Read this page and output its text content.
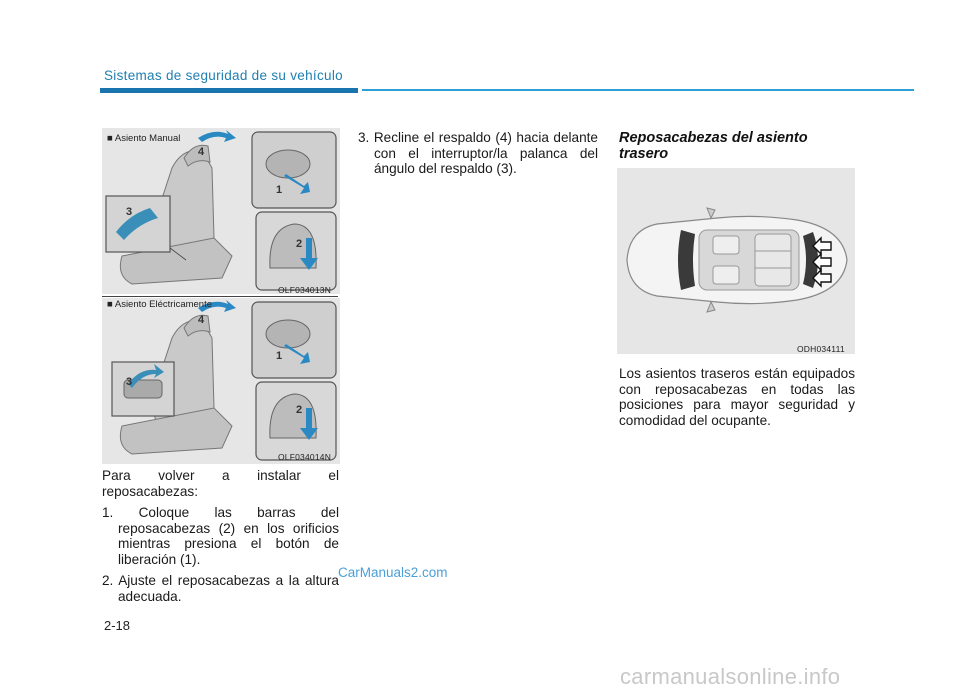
Sistemas de seguridad de su vehículo
■ Asiento Manual
4
1
3
2
OLF034013N
■ Asiento Eléctricamente
4
1
3
2
OLF034014N
Para volver a instalar el reposacabezas:
1. Coloque las barras del reposacabezas (2) en los orificios mientras presiona el botón de liberación (1).
2. Ajuste el reposacabezas a la altura adecuada.
3. Recline el respaldo (4) hacia delante con el interruptor/la palanca del ángulo del respaldo (3).
Reposacabezas del asiento trasero
ODH034111
Los asientos traseros están equipados con reposacabezas en todas las posiciones para mayor seguridad y comodidad del ocupante.
2-18
CarManuals2.com
carmanualsonline.info
